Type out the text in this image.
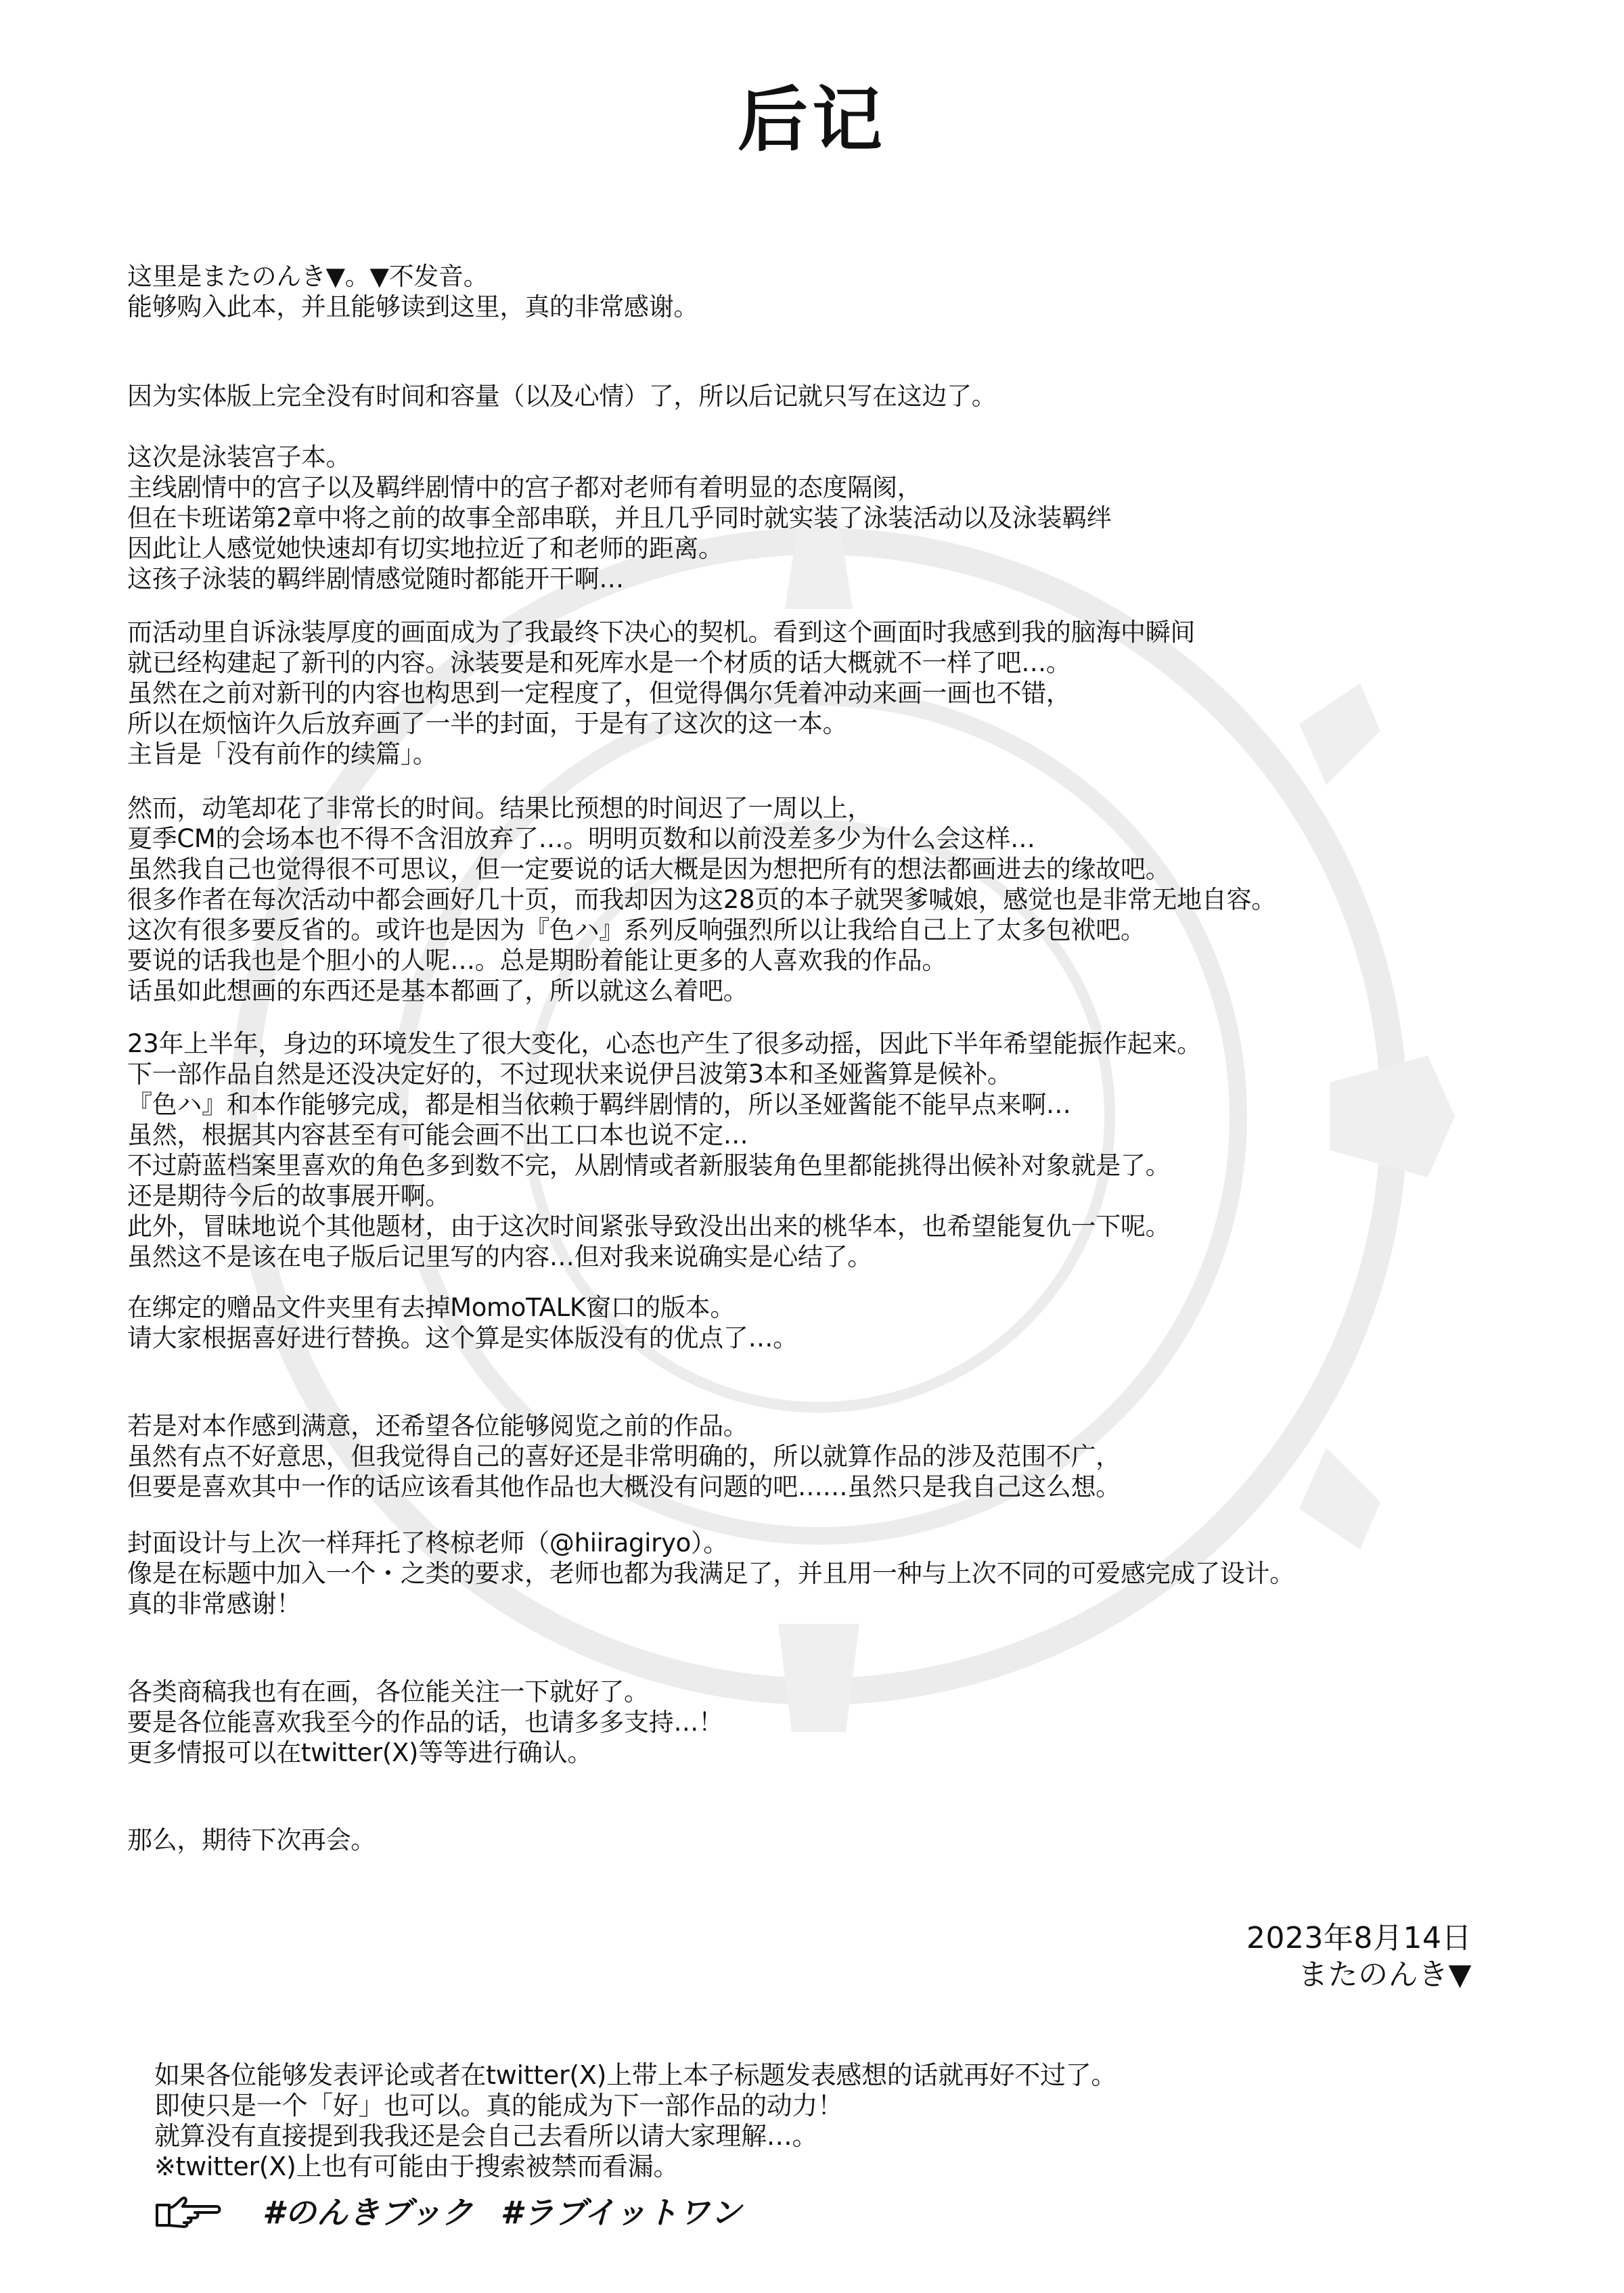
后记
这里是またのんき▼。▼不发音。
能够购入此本，并且能够读到这里，真的非常感谢。
因为实体版上完全没有时间和容量（以及心情）了，所以后记就只写在这边了。
这次是泳装宫子本。
主线剧情中的宫子以及羁绊剧情中的宫子都对老师有着明显的态度隔阂，
但在卡班诺第2章中将之前的故事全部串联，并且几乎同时就实装了泳装活动以及泳装羁绊
因此让人感觉她快速却有切实地拉近了和老师的距离。
这孩子泳装的羁绊剧情感觉随时都能开干啊…
而活动里自诉泳装厚度的画面成为了我最终下决心的契机。看到这个画面时我感到我的脑海中瞬间
就已经构建起了新刊的内容。泳装要是和死库水是一个材质的话大概就不一样了吧…。
虽然在之前对新刊的内容也构思到一定程度了，但觉得偶尔凭着冲动来画一画也不错，
所以在烦恼许久后放弃画了一半的封面，于是有了这次的这一本。
主旨是「没有前作的续篇」。
然而，动笔却花了非常长的时间。结果比预想的时间迟了一周以上，
夏季CM的会场本也不得不含泪放弃了…。明明页数和以前没差多少为什么会这样…
虽然我自己也觉得很不可思议，但一定要说的话大概是因为想把所有的想法都画进去的缘故吧。
很多作者在每次活动中都会画好几十页，而我却因为这28页的本子就哭爹喊娘，感觉也是非常无地自容。
这次有很多要反省的。或许也是因为『色ハ』系列反响强烈所以让我给自己上了太多包袱吧。
要说的话我也是个胆小的人呢…。总是期盼着能让更多的人喜欢我的作品。
话虽如此想画的东西还是基本都画了，所以就这么着吧。
23年上半年，身边的环境发生了很大变化，心态也产生了很多动摇，因此下半年希望能振作起来。
下一部作品自然是还没决定好的，不过现状来说伊吕波第3本和圣娅酱算是候补。
『色ハ』和本作能够完成，都是相当依赖于羁绊剧情的，所以圣娅酱能不能早点来啊…
虽然，根据其内容甚至有可能会画不出工口本也说不定…
不过蔚蓝档案里喜欢的角色多到数不完，从剧情或者新服装角色里都能挑得出候补对象就是了。
还是期待今后的故事展开啊。
此外，冒昧地说个其他题材，由于这次时间紧张导致没出出来的桃华本，也希望能复仇一下呢。
虽然这不是该在电子版后记里写的内容…但对我来说确实是心结了。
在绑定的赠品文件夹里有去掉MomoTALK窗口的版本。
请大家根据喜好进行替换。这个算是实体版没有的优点了…。
若是对本作感到满意，还希望各位能够阅览之前的作品。
虽然有点不好意思，但我觉得自己的喜好还是非常明确的，所以就算作品的涉及范围不广，
但要是喜欢其中一作的话应该看其他作品也大概没有问题的吧……虽然只是我自己这么想。
封面设计与上次一样拜托了柊椋老师（@hiiragiryo）。
像是在标题中加入一个・之类的要求，老师也都为我满足了，并且用一种与上次不同的可爱感完成了设计。
真的非常感谢！
各类商稿我也有在画，各位能关注一下就好了。
要是各位能喜欢我至今的作品的话，也请多多支持…！
更多情报可以在twitter(X)等等进行确认。
那么，期待下次再会。
2023年8月14日
またのんき▼
如果各位能够发表评论或者在twitter(X)上带上本子标题发表感想的话就再好不过了。
即使只是一个「好」也可以。真的能成为下一部作品的动力！
就算没有直接提到我我还是会自己去看所以请大家理解…。
※twitter(X)上也有可能由于搜索被禁而看漏。
#のんきブック #ラブイットワン
